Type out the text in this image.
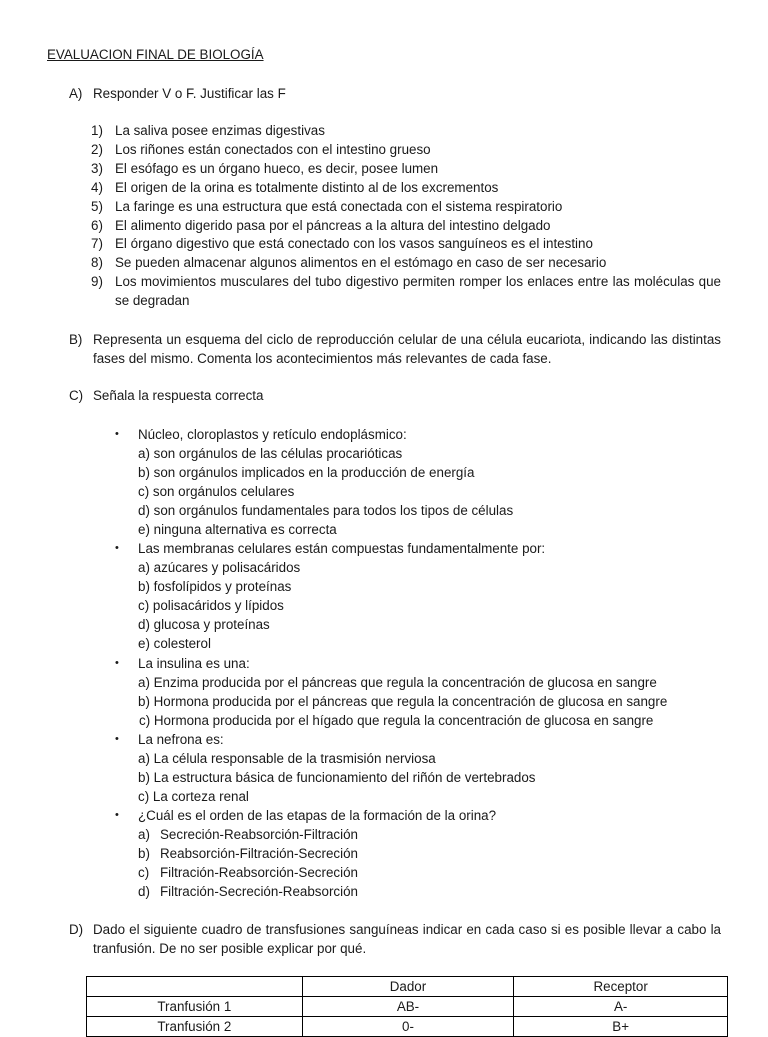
EVALUACION FINAL DE BIOLOGÍA
A) Responder V o F. Justificar las F
1) La saliva posee enzimas digestivas
2) Los riñones están conectados con el intestino grueso
3) El esófago es un órgano hueco, es decir, posee lumen
4) El origen de la orina es totalmente distinto al de los excrementos
5) La faringe es una estructura que está conectada con el sistema respiratorio
6) El alimento digerido pasa por el páncreas a la altura del intestino delgado
7) El órgano digestivo que está conectado con los vasos sanguíneos es el intestino
8) Se pueden almacenar algunos alimentos en el estómago en caso de ser necesario
9) Los movimientos musculares del tubo digestivo permiten romper los enlaces entre las moléculas que se degradan
B) Representa un esquema del ciclo de reproducción celular de una célula eucariota, indicando las distintas fases del mismo. Comenta los acontecimientos más relevantes de cada fase.
C) Señala la respuesta correcta
• Núcleo, cloroplastos y retículo endoplásmico:
a) son orgánulos de las células procarióticas
b) son orgánulos implicados en la producción de energía
c) son orgánulos celulares
d) son orgánulos fundamentales para todos los tipos de células
e) ninguna alternativa es correcta
• Las membranas celulares están compuestas fundamentalmente por:
a) azúcares y polisacáridos
b) fosfolípidos y proteínas
c) polisacáridos y lípidos
d) glucosa y proteínas
e) colesterol
• La insulina es una:
a) Enzima producida por el páncreas que regula la concentración de glucosa en sangre
b) Hormona producida por el páncreas que regula la concentración de glucosa en sangre
c) Hormona producida por el hígado que regula la concentración de glucosa en sangre
• La nefrona es:
a) La célula responsable de la trasmisión nerviosa
b) La estructura básica de funcionamiento del riñón de vertebrados
c) La corteza renal
• ¿Cuál es el orden de las etapas de la formación de la orina?
a) Secreción-Reabsorción-Filtración
b) Reabsorción-Filtración-Secreción
c) Filtración-Reabsorción-Secreción
d) Filtración-Secreción-Reabsorción
D) Dado el siguiente cuadro de transfusiones sanguíneas indicar en cada caso si es posible llevar a cabo la tranfusión. De no ser posible explicar por qué.
	Dador	Receptor
Tranfusión 1	AB-	A-
Tranfusión 2	0-	B+
